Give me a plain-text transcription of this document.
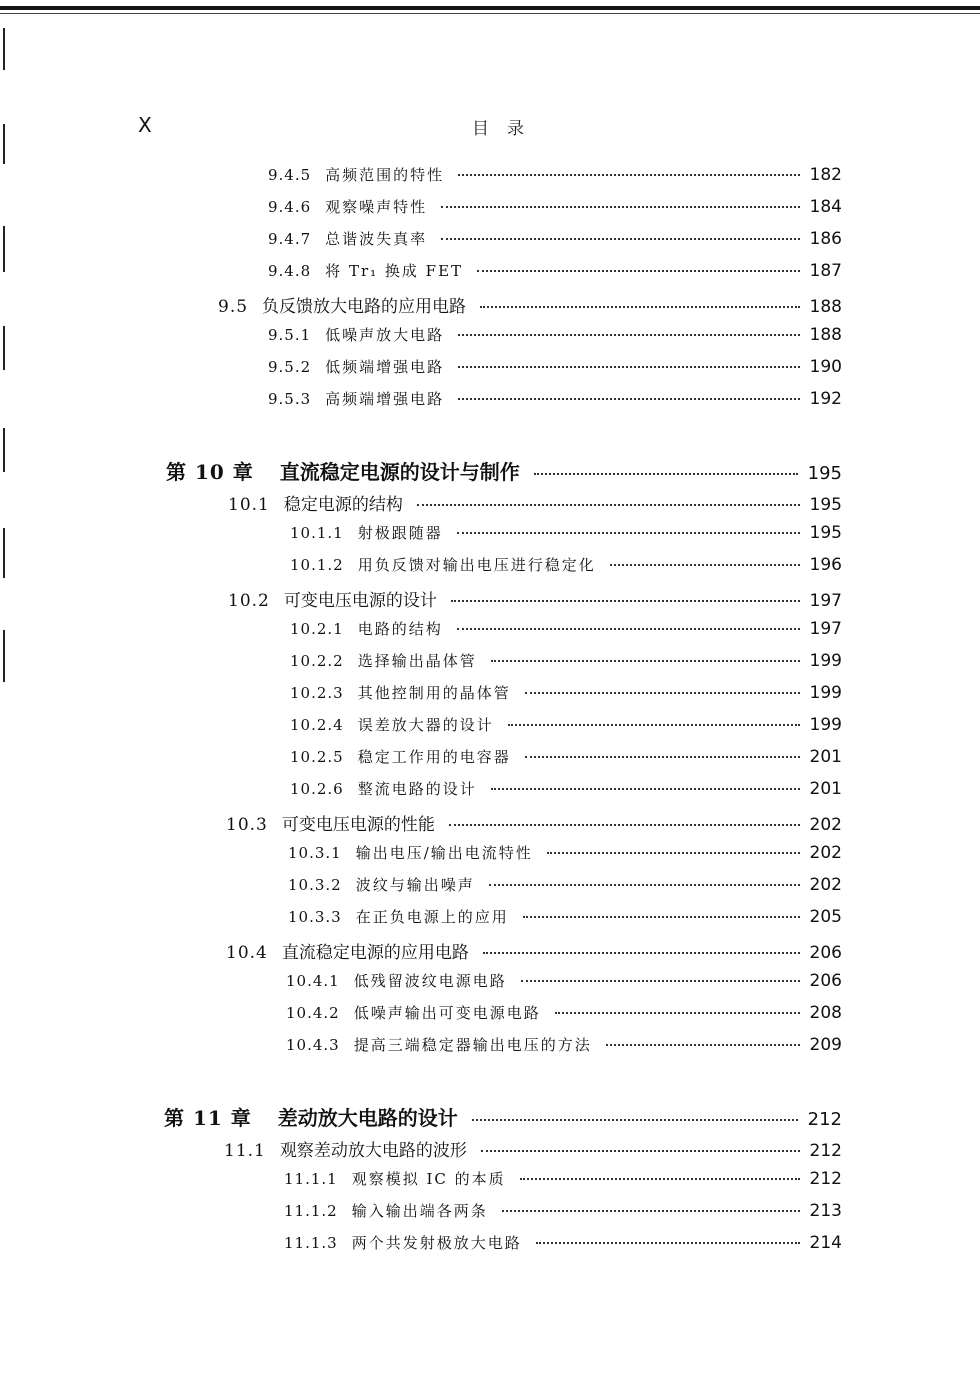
X	目录
9.4.5 高频范围的特性	182
9.4.6 观察噪声特性	184
9.4.7 总谐波失真率	186
9.4.8 将 Tr₁ 换成 FET	187
9.5 负反馈放大电路的应用电路	188
9.5.1 低噪声放大电路	188
9.5.2 低频端增强电路	190
9.5.3 高频端增强电路	192
第 10 章 直流稳定电源的设计与制作	195
10.1 稳定电源的结构	195
10.1.1 射极跟随器	195
10.1.2 用负反馈对输出电压进行稳定化	196
10.2 可变电压电源的设计	197
10.2.1 电路的结构	197
10.2.2 选择输出晶体管	199
10.2.3 其他控制用的晶体管	199
10.2.4 误差放大器的设计	199
10.2.5 稳定工作用的电容器	201
10.2.6 整流电路的设计	201
10.3 可变电压电源的性能	202
10.3.1 输出电压/输出电流特性	202
10.3.2 波纹与输出噪声	202
10.3.3 在正负电源上的应用	205
10.4 直流稳定电源的应用电路	206
10.4.1 低残留波纹电源电路	206
10.4.2 低噪声输出可变电源电路	208
10.4.3 提高三端稳定器输出电压的方法	209
第 11 章 差动放大电路的设计	212
11.1 观察差动放大电路的波形	212
11.1.1 观察模拟 IC 的本质	212
11.1.2 输入输出端各两条	213
11.1.3 两个共发射极放大电路	214
